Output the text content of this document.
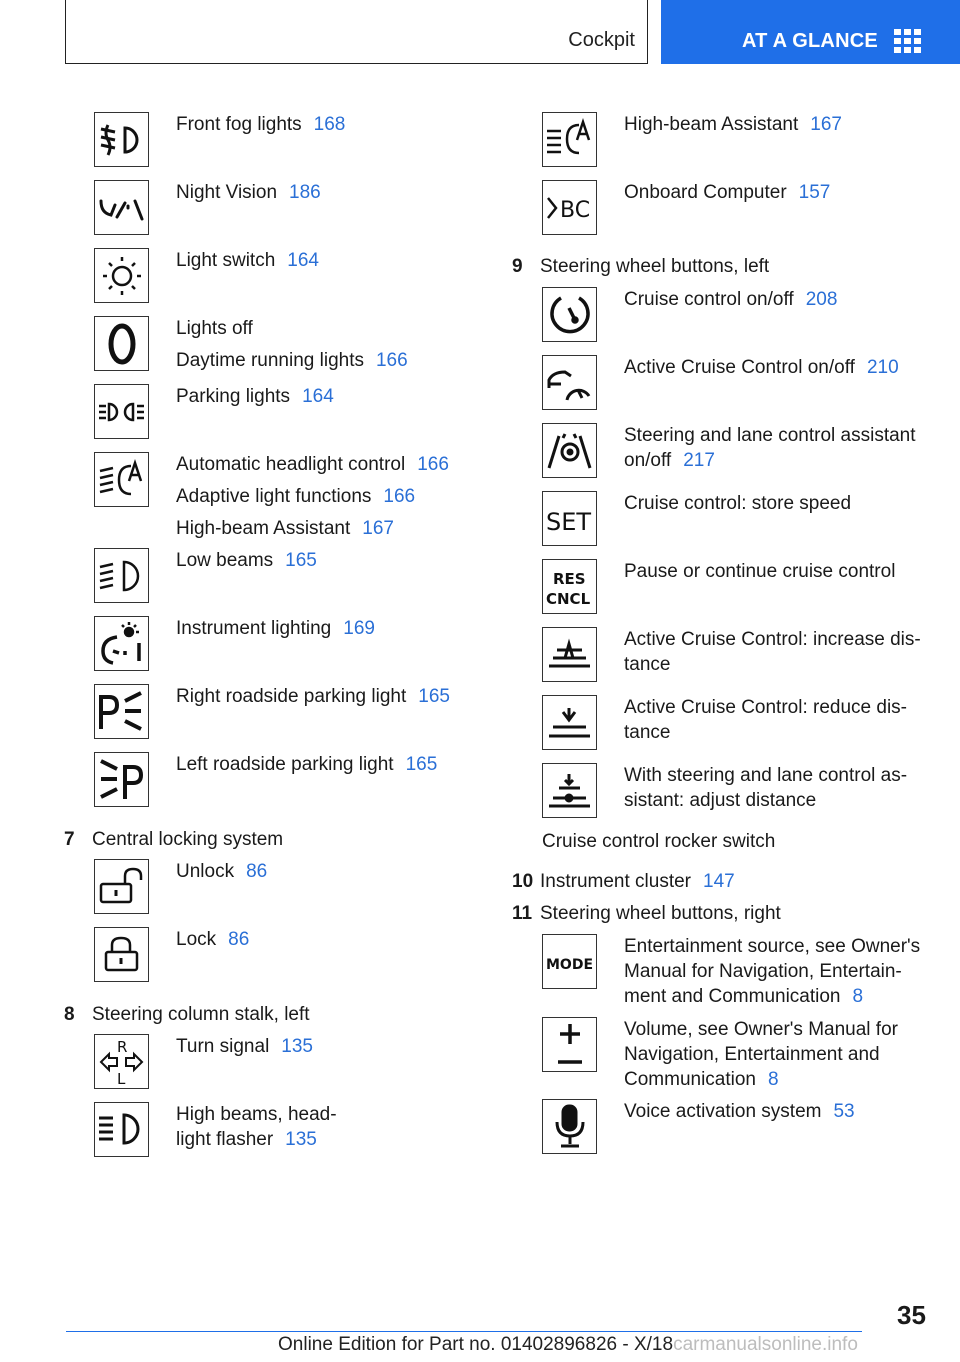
Cockpit	AT A GLANCE
Front fog lights 168
Night Vision 186
Light switch 164
Lights off
Daytime running lights 166
Parking lights 164
Automatic headlight control 166
Adaptive light functions 166
High-beam Assistant 167
Low beams 165
Instrument lighting 169
Right roadside parking light 165
Left roadside parking light 165
7 Central locking system
Unlock 86
Lock 86
8 Steering column stalk, left
R
L
Turn signal 135
High beams, head-
light flasher 135
High-beam Assistant 167
BC
Onboard Computer 157
9 Steering wheel buttons, left
Cruise control on/off 208
Active Cruise Control on/off 210
Steering and lane control assistant
on/off 217
SET
Cruise control: store speed
RES
CNCL
Pause or continue cruise control
Active Cruise Control: increase dis-
tance
Active Cruise Control: reduce dis-
tance
With steering and lane control as-
sistant: adjust distance
Cruise control rocker switch
10 Instrument cluster 147
11 Steering wheel buttons, right
MODE
Entertainment source, see Owner's
Manual for Navigation, Entertain-
ment and Communication 8
Volume, see Owner's Manual for
Navigation, Entertainment and
Communication 8
Voice activation system 53
35
Online Edition for Part no. 01402896826 - X/18carmanualsonline.info
